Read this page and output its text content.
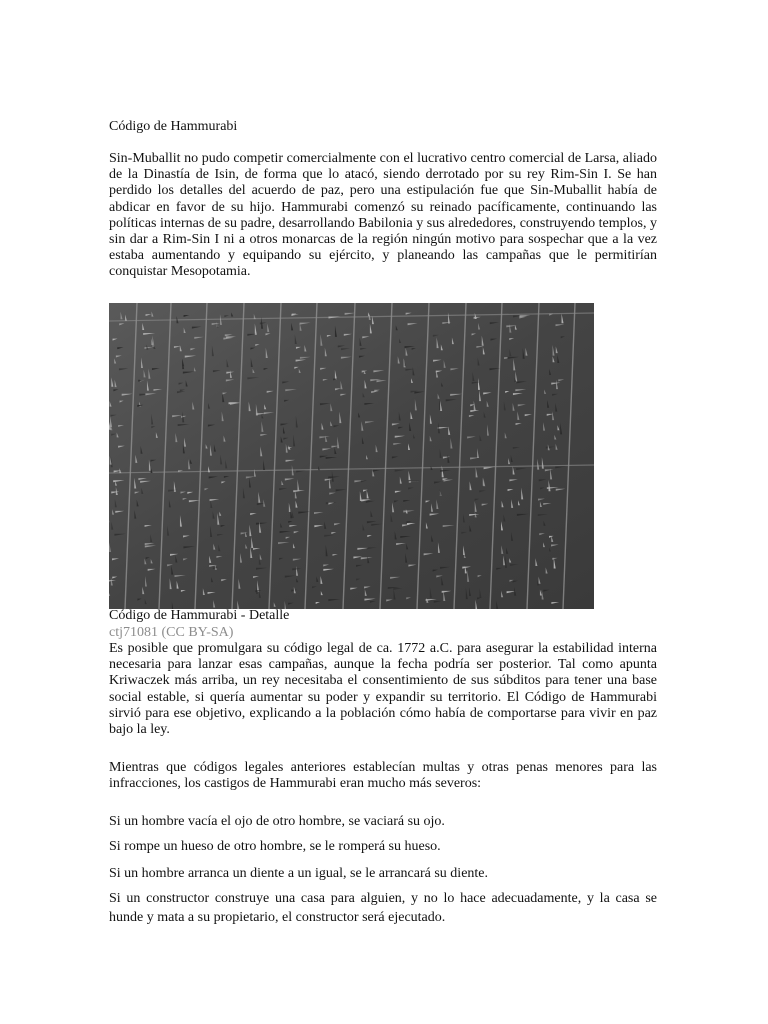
Código de Hammurabi

Sin-Muballit no pudo competir comercialmente con el lucrativo centro comercial de Larsa, aliado de la Dinastía de Isin, de forma que lo atacó, siendo derrotado por su rey Rim-Sin I. Se han perdido los detalles del acuerdo de paz, pero una estipulación fue que Sin-Muballit había de abdicar en favor de su hijo. Hammurabi comenzó su reinado pacíficamente, continuando las políticas internas de su padre, desarrollando Babilonia y sus alrededores, construyendo templos, y sin dar a Rim-Sin I ni a otros monarcas de la región ningún motivo para sospechar que a la vez estaba aumentando y equipando su ejército, y planeando las campañas que le permitirían conquistar Mesopotamia.

Código de Hammurabi - Detalle
ctj71081 (CC BY-SA)

Es posible que promulgara su código legal de ca. 1772 a.C. para asegurar la estabilidad interna necesaria para lanzar esas campañas, aunque la fecha podría ser posterior. Tal como apunta Kriwaczek más arriba, un rey necesitaba el consentimiento de sus súbditos para tener una base social estable, si quería aumentar su poder y expandir su territorio. El Código de Hammurabi sirvió para ese objetivo, explicando a la población cómo había de comportarse para vivir en paz bajo la ley.

Mientras que códigos legales anteriores establecían multas y otras penas menores para las infracciones, los castigos de Hammurabi eran mucho más severos:

Si un hombre vacía el ojo de otro hombre, se vaciará su ojo.

Si rompe un hueso de otro hombre, se le romperá su hueso.

Si un hombre arranca un diente a un igual, se le arrancará su diente.

Si un constructor construye una casa para alguien, y no lo hace adecuadamente, y la casa se hunde y mata a su propietario, el constructor será ejecutado.
